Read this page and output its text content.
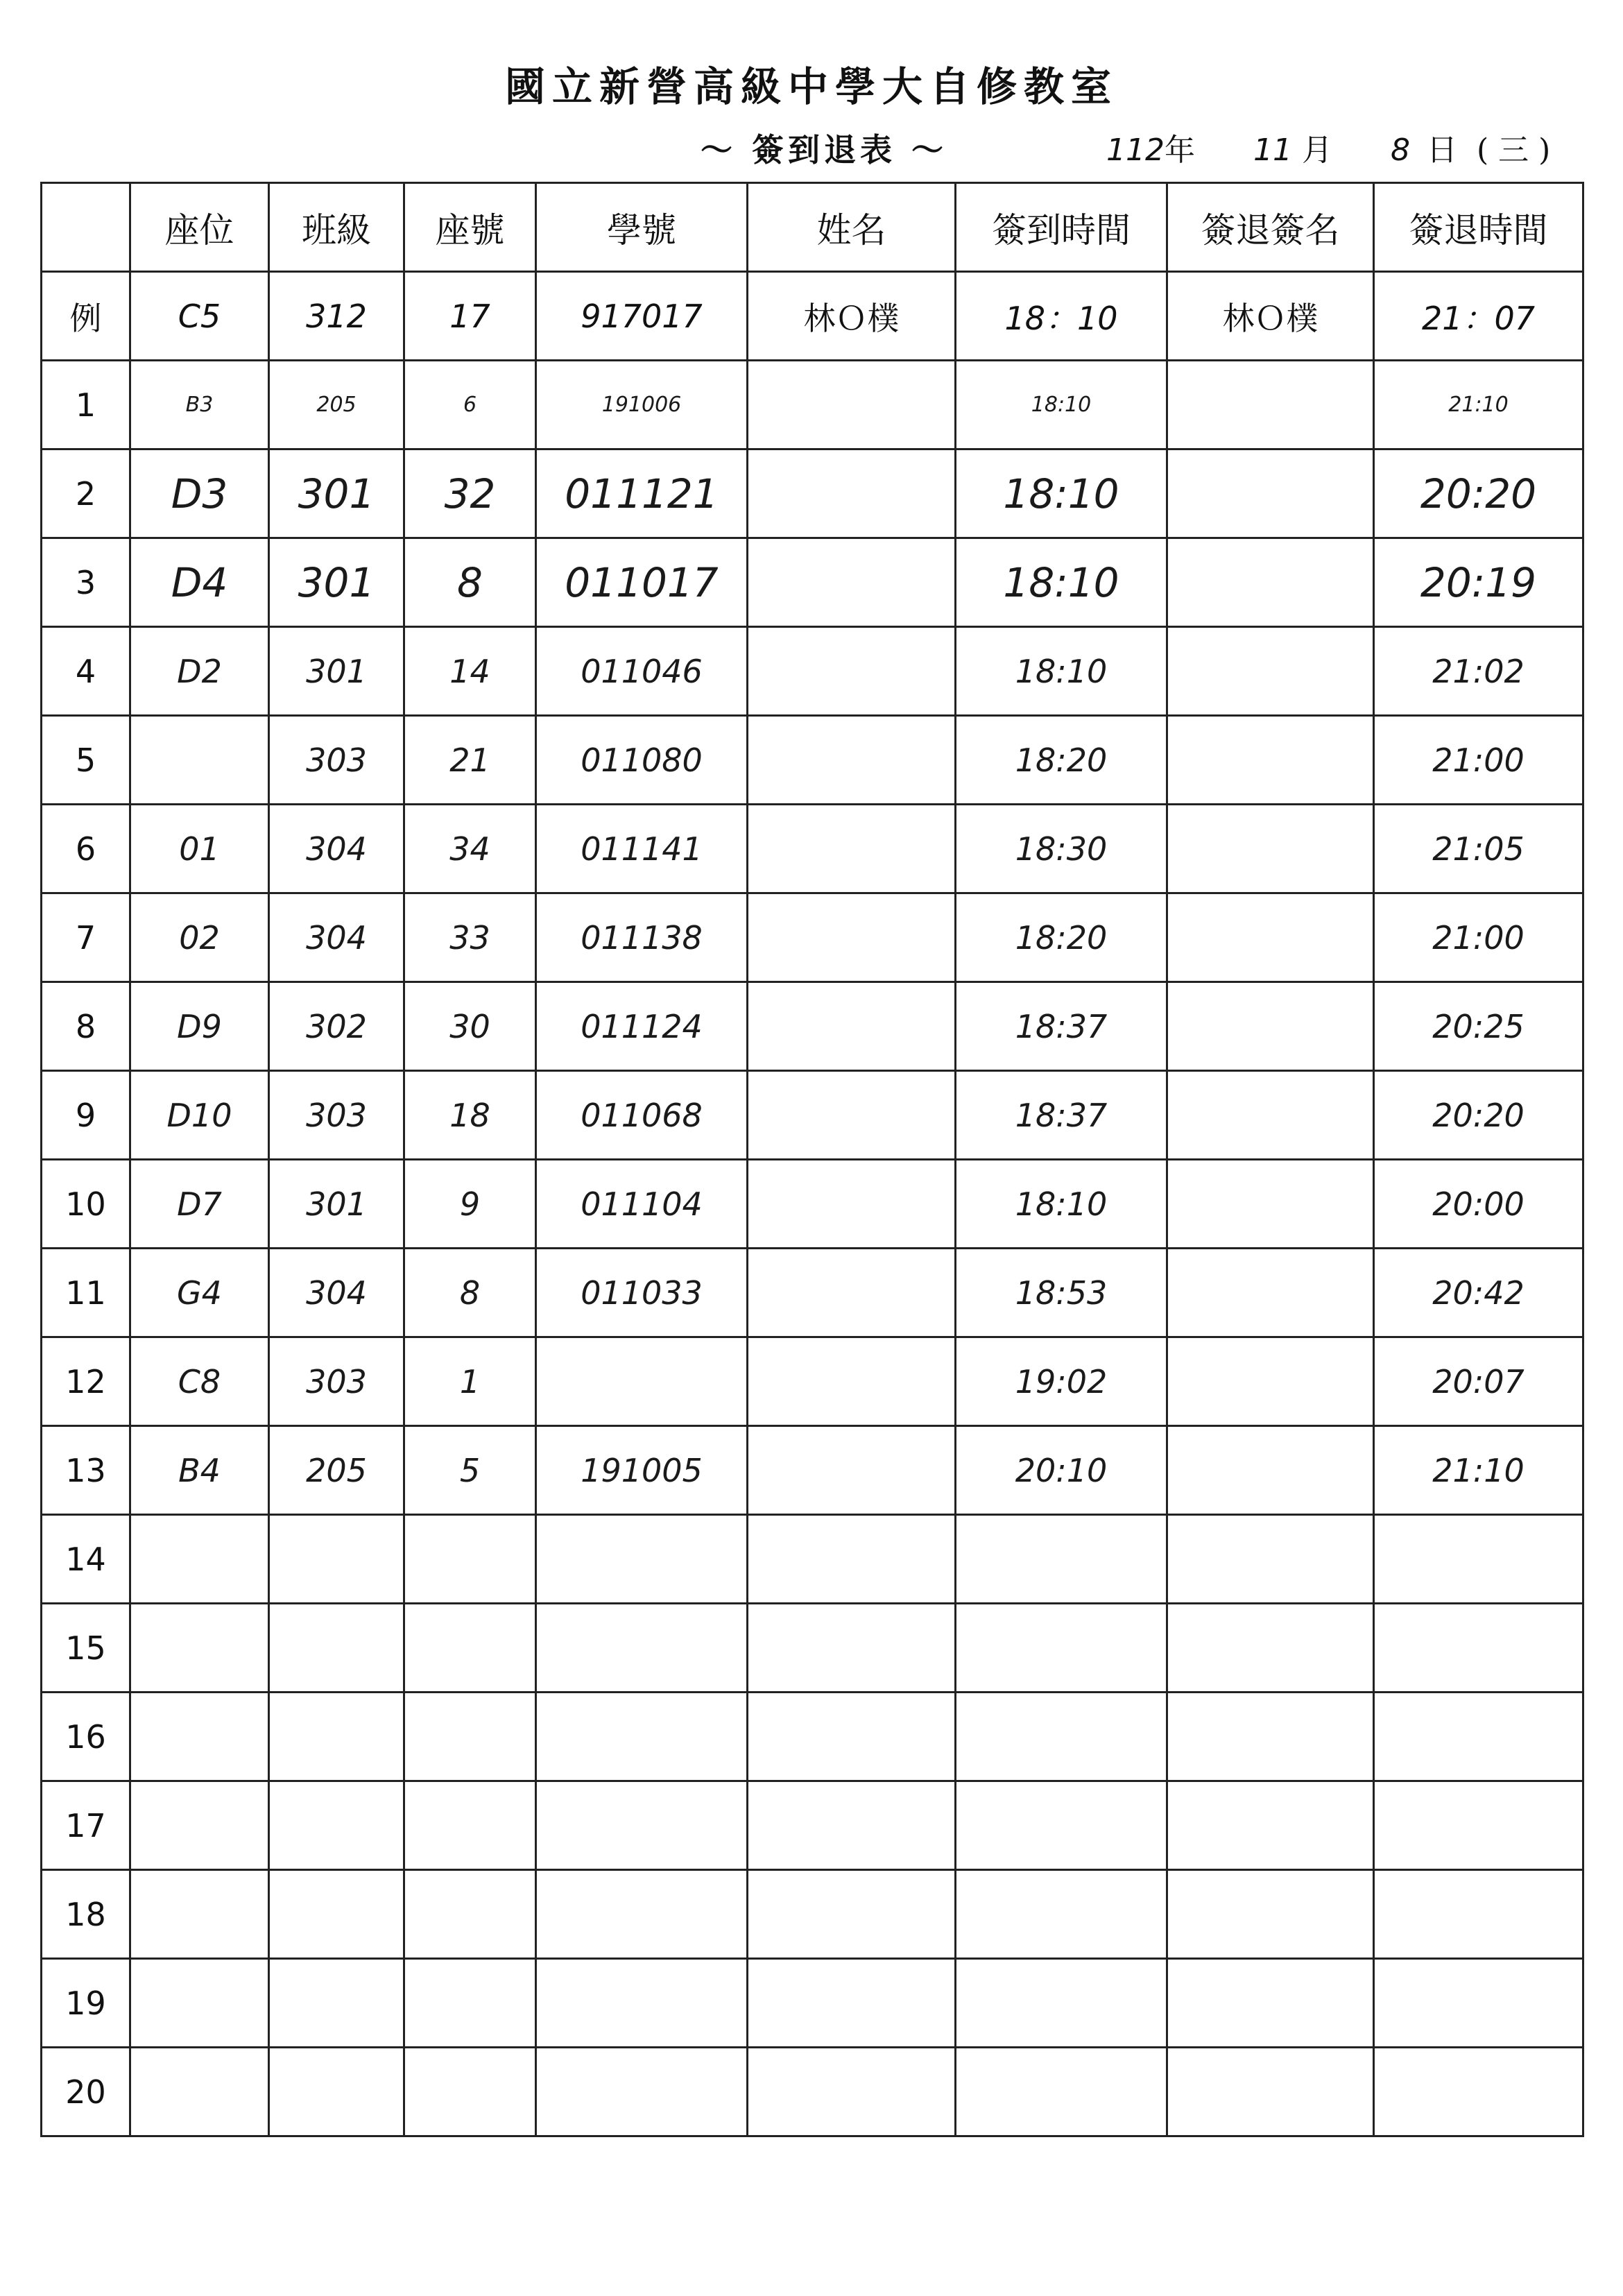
國立新營高級中學大自修教室
～ 簽到退表 ～	112年 11 月 8 日 ( 三 )
	座位	班級	座號	學號	姓名	簽到時間	簽退簽名	簽退時間
例	C5	312	17	917017	林Ｏ樸	18：10	林Ｏ樸	21：07
1	B3	205	6	191006		18:10		21:10
2	D3	301	32	011121		18:10		20:20
3	D4	301	8	011017		18:10		20:19
4	D2	301	14	011046		18:10		21:02
5		303	21	011080		18:20		21:00
6	01	304	34	011141		18:30		21:05
7	02	304	33	011138		18:20		21:00
8	D9	302	30	011124		18:37		20:25
9	D10	303	18	011068		18:37		20:20
10	D7	301	9	011104		18:10		20:00
11	G4	304	8	011033		18:53		20:42
12	C8	303	1			19:02		20:07
13	B4	205	5	191005		20:10		21:10
14								
15								
16								
17								
18								
19								
20								
